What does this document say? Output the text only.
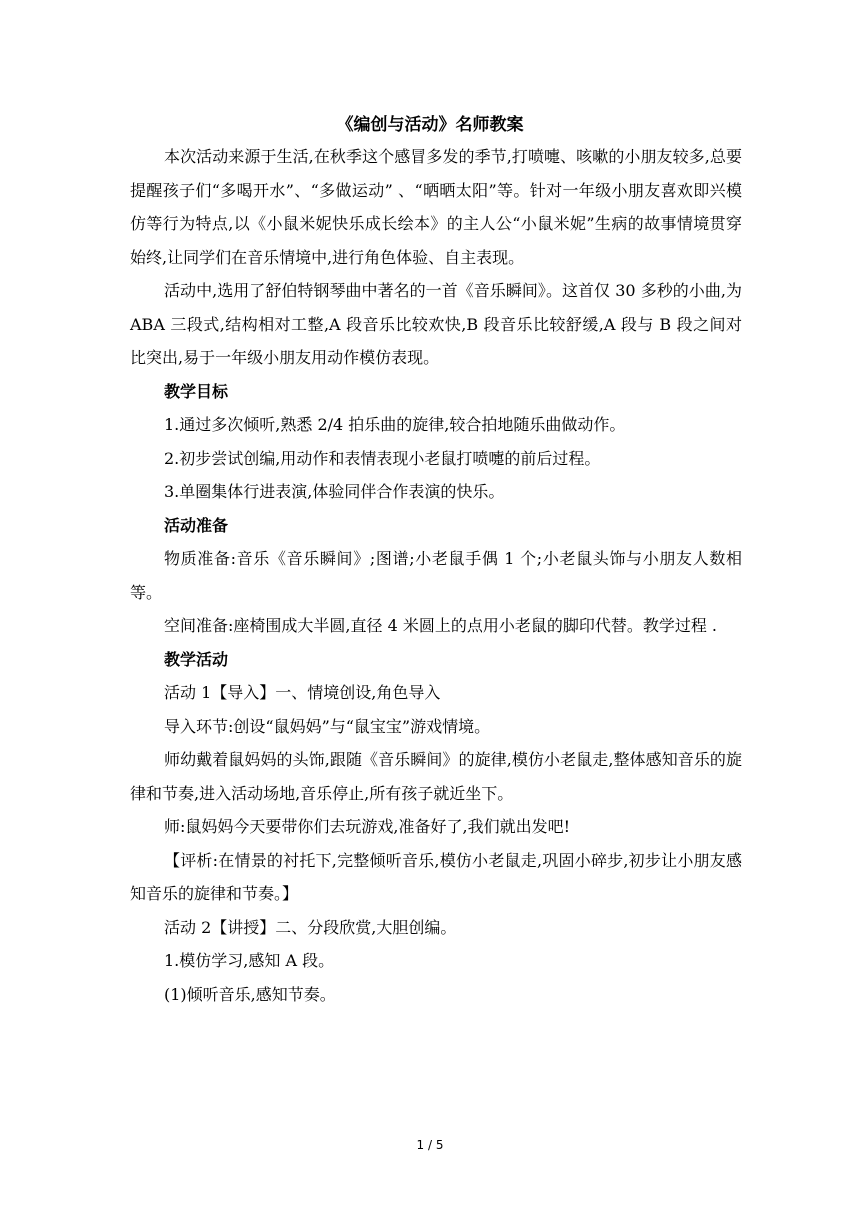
《编创与活动》名师教案

本次活动来源于生活,在秋季这个感冒多发的季节,打喷嚏、咳嗽的小朋友较多,总要提醒孩子们“多喝开水”、“多做运动” 、“晒晒太阳”等。针对一年级小朋友喜欢即兴模仿等行为特点,以《小鼠米妮快乐成长绘本》的主人公“小鼠米妮”生病的故事情境贯穿始终,让同学们在音乐情境中,进行角色体验、自主表现。

活动中,选用了舒伯特钢琴曲中著名的一首《音乐瞬间》。这首仅 30 多秒的小曲,为 ABA 三段式,结构相对工整,A 段音乐比较欢快,B 段音乐比较舒缓,A 段与 B 段之间对比突出,易于一年级小朋友用动作模仿表现。

教学目标

1.通过多次倾听,熟悉 2/4 拍乐曲的旋律,较合拍地随乐曲做动作。

2.初步尝试创编,用动作和表情表现小老鼠打喷嚏的前后过程。

3.单圈集体行进表演,体验同伴合作表演的快乐。

活动准备

物质准备:音乐《音乐瞬间》;图谱;小老鼠手偶 1 个;小老鼠头饰与小朋友人数相等。

空间准备:座椅围成大半圆,直径 4 米圆上的点用小老鼠的脚印代替。教学过程 .

教学活动

活动 1【导入】一、情境创设,角色导入

导入环节:创设“鼠妈妈”与“鼠宝宝”游戏情境。

师幼戴着鼠妈妈的头饰,跟随《音乐瞬间》的旋律,模仿小老鼠走,整体感知音乐的旋律和节奏,进入活动场地,音乐停止,所有孩子就近坐下。

师:鼠妈妈今天要带你们去玩游戏,准备好了,我们就出发吧!

【评析:在情景的衬托下,完整倾听音乐,模仿小老鼠走,巩固小碎步,初步让小朋友感知音乐的旋律和节奏。】

活动 2【讲授】二、分段欣赏,大胆创编。

1.模仿学习,感知 A 段。

(1)倾听音乐,感知节奏。

1 / 5
